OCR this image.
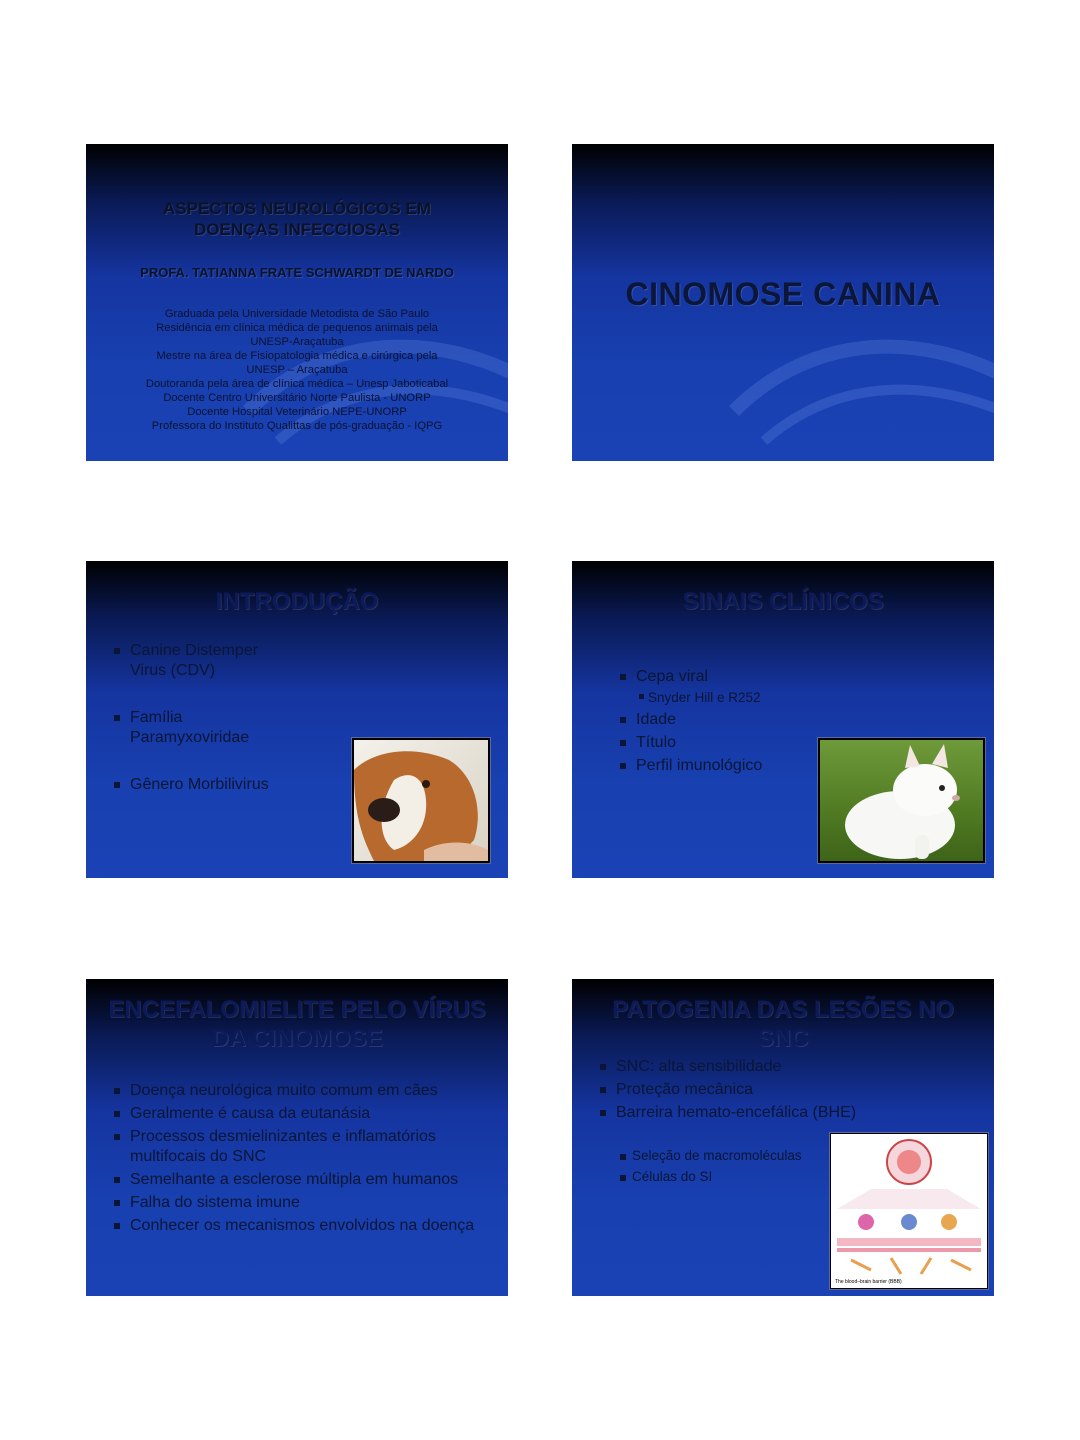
ASPECTOS NEUROLÓGICOS EM DOENÇAS INFECCIOSAS
PROFA. TATIANNA FRATE SCHWARDT DE NARDO
Graduada pela Universidade Metodista de São Paulo
Residência em clínica médica de pequenos animais pela
UNESP-Araçatuba
Mestre na área de Fisiopatologia médica e cirúrgica pela
UNESP – Araçatuba
Doutoranda pela área de clínica médica – Unesp Jaboticabal
Docente Centro Universitário Norte Paulista - UNORP
Docente Hospital Veterinário NEPE-UNORP
Professora do Instituto Qualittas de pós-graduação - IQPG
CINOMOSE CANINA
INTRODUÇÃO
Canine Distemper Virus (CDV)
Família Paramyxoviridae
Gênero Morbilivirus
SINAIS CLÍNICOS
Cepa viral
Snyder Hill e R252
Idade
Título
Perfil imunológico
ENCEFALOMIELITE PELO VÍRUS DA CINOMOSE
Doença neurológica muito comum em cães
Geralmente é causa da eutanásia
Processos desmielinizantes e inflamatórios multifocais do SNC
Semelhante a esclerose múltipla em humanos
Falha do sistema imune
Conhecer os mecanismos envolvidos na doença
PATOGENIA DAS LESÕES NO SNC
SNC: alta sensibilidade
Proteção mecânica
Barreira hemato-encefálica (BHE)
Seleção de macromoléculas
Células do SI
The blood–brain barrier (BBB)
